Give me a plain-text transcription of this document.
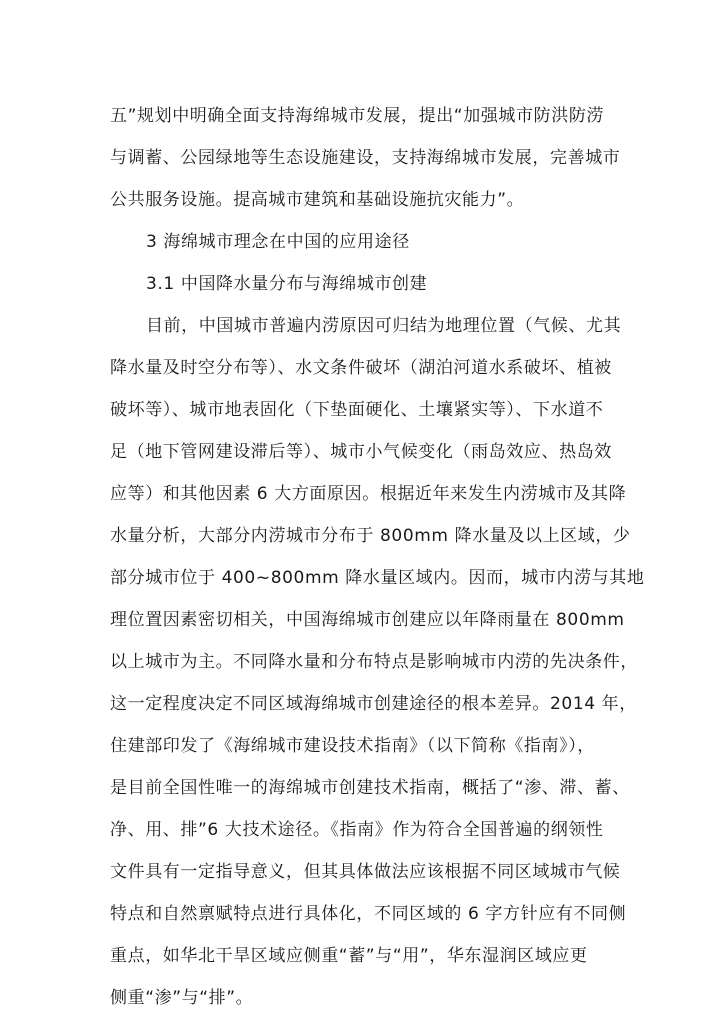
五”规划中明确全面支持海绵城市发展，提出“加强城市防洪防涝
与调蓄、公园绿地等生态设施建设，支持海绵城市发展，完善城市
公共服务设施。提高城市建筑和基础设施抗灾能力”。
3 海绵城市理念在中国的应用途径
3.1 中国降水量分布与海绵城市创建
目前，中国城市普遍内涝原因可归结为地理位置（气候、尤其
降水量及时空分布等）、水文条件破坏（湖泊河道水系破坏、植被
破坏等）、城市地表固化（下垫面硬化、土壤紧实等）、下水道不
足（地下管网建设滞后等）、城市小气候变化（雨岛效应、热岛效
应等）和其他因素 6 大方面原因。根据近年来发生内涝城市及其降
水量分析，大部分内涝城市分布于 800mm 降水量及以上区域，少
部分城市位于 400~800mm 降水量区域内。因而，城市内涝与其地
理位置因素密切相关，中国海绵城市创建应以年降雨量在 800mm
以上城市为主。不同降水量和分布特点是影响城市内涝的先决条件，
这一定程度决定不同区域海绵城市创建途径的根本差异。2014 年，
住建部印发了《海绵城市建设技术指南》（以下简称《指南》），
是目前全国性唯一的海绵城市创建技术指南，概括了“渗、滞、蓄、
净、用、排”6 大技术途径。《指南》作为符合全国普遍的纲领性
文件具有一定指导意义，但其具体做法应该根据不同区域城市气候
特点和自然禀赋特点进行具体化，不同区域的 6 字方针应有不同侧
重点，如华北干旱区域应侧重“蓄”与“用”，华东湿润区域应更
侧重“渗”与“排”。
